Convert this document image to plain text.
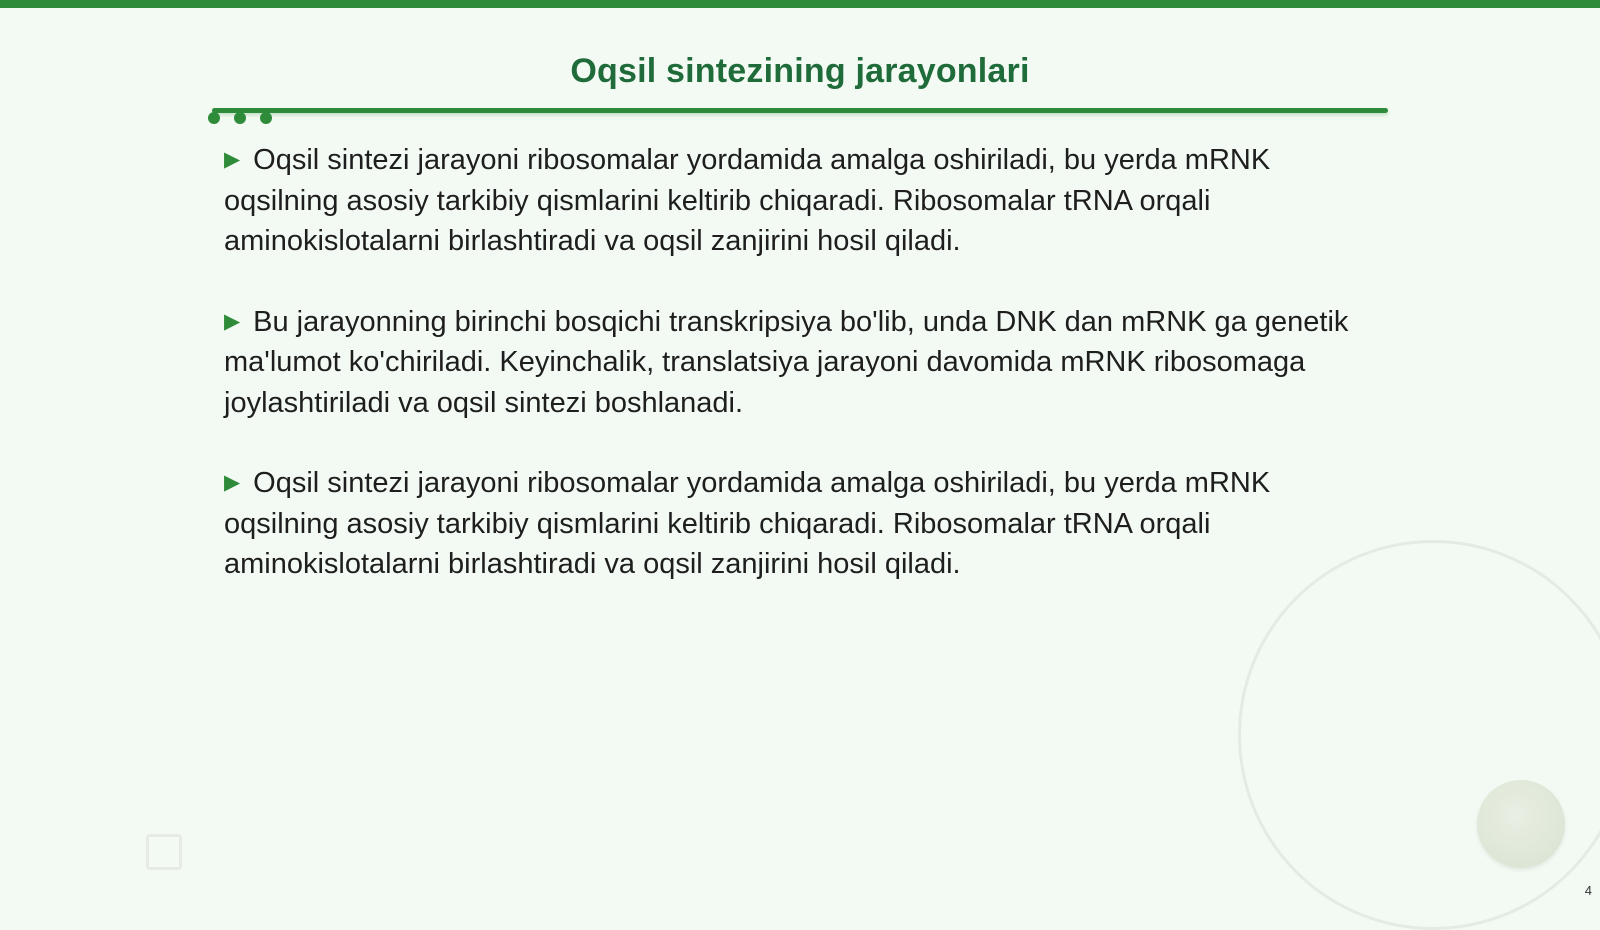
Oqsil sintezining jarayonlari
▶ Oqsil sintezi jarayoni ribosomalar yordamida amalga oshiriladi, bu yerda mRNK oqsilning asosiy tarkibiy qismlarini keltirib chiqaradi. Ribosomalar tRNA orqali aminokislotalarni birlashtiradi va oqsil zanjirini hosil qiladi.
▶ Bu jarayonning birinchi bosqichi transkripsiya bo'lib, unda DNK dan mRNK ga genetik ma'lumot ko'chiriladi. Keyinchalik, translatsiya jarayoni davomida mRNK ribosomaga joylashtiriladi va oqsil sintezi boshlanadi.
▶ Oqsil sintezi jarayoni ribosomalar yordamida amalga oshiriladi, bu yerda mRNK oqsilning asosiy tarkibiy qismlarini keltirib chiqaradi. Ribosomalar tRNA orqali aminokislotalarni birlashtiradi va oqsil zanjirini hosil qiladi.
4
